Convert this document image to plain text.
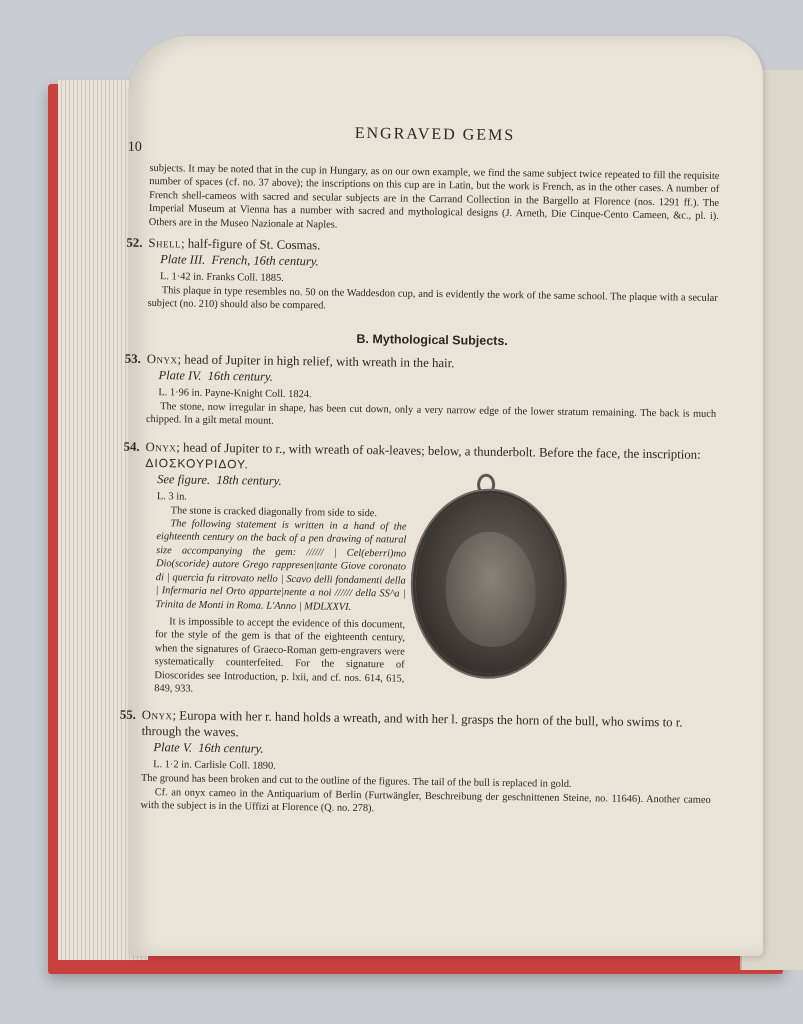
10
ENGRAVED GEMS

subjects. It may be noted that in the cup in Hungary, as on our own example, we find the same subject twice repeated to fill the requisite number of spaces (cf. no. 37 above); the inscriptions on this cup are in Latin, but the work is French, as in the other cases. A number of French shell-cameos with sacred and secular subjects are in the Carrand Collection in the Bargello at Florence (nos. 1291 ff.). The Imperial Museum at Vienna has a number with sacred and mythological designs (J. Arneth, Die Cinque-Cento Cameen, &c., pl. i). Others are in the Museo Nazionale at Naples.

52. Shell; half-figure of St. Cosmas.

Plate III. French, 16th century.

L. 1·42 in. Franks Coll. 1885.

This plaque in type resembles no. 50 on the Waddesdon cup, and is evidently the work of the same school. The plaque with a secular subject (no. 210) should also be compared.

B. Mythological Subjects.

53. Onyx; head of Jupiter in high relief, with wreath in the hair.

Plate IV. 16th century.

L. 1·96 in. Payne-Knight Coll. 1824.

The stone, now irregular in shape, has been cut down, only a very narrow edge of the lower stratum remaining. The back is much chipped. In a gilt metal mount.

54. Onyx; head of Jupiter to r., with wreath of oak-leaves; below, a thunderbolt. Before the face, the inscription: ΔΙΟΣΚΟΥΡΙΔΟΥ.

See figure. 18th century.

L. 3 in.

The stone is cracked diagonally from side to side.

The following statement is written in a hand of the eighteenth century on the back of a pen drawing of natural size accompanying the gem: ////// | Cel(eberri)mo Dio(scoride) autore Grego rappresen|tante Giove coronato di | quercia fu ritrovato nello | Scavo delli fondamenti della | Infermaria nel Orto apparte|nente a noi ////// della SS^a | Trinita de Monti in Roma. L'Anno | MDLXXVI.

It is impossible to accept the evidence of this document, for the style of the gem is that of the eighteenth century, when the signatures of Graeco-Roman gem-engravers were systematically counterfeited. For the signature of Dioscorides see Introduction, p. lxii, and cf. nos. 614, 615, 849, 933.

55. Onyx; Europa with her r. hand holds a wreath, and with her l. grasps the horn of the bull, who swims to r. through the waves.

Plate V. 16th century.

L. 1·2 in. Carlisle Coll. 1890.

The ground has been broken and cut to the outline of the figures. The tail of the bull is replaced in gold.

Cf. an onyx cameo in the Antiquarium of Berlin (Furtwängler, Beschreibung der geschnittenen Steine, no. 11646). Another cameo with the subject is in the Uffizi at Florence (Q. no. 278).
